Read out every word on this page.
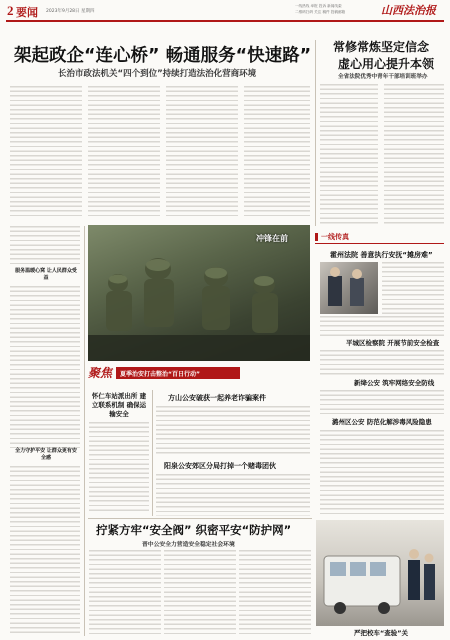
2 要闻 2023年9月28日 星期四
一线热线 举报 投诉 新闻线索
二维码扫码 关注 稿件 投稿邮箱	山西法治报
架起政企“连心桥” 畅通服务“快速路”
长治市政法机关“四个到位”持续打造法治化营商环境
常修常炼坚定信念
虚心用心提升本领
全省法院优秀中青年干部培训班举办
服务温暖心窝 让人民群众受益
全力守护平安 让群众更有安全感
冲锋在前	一线传真
霍州法院 善意执行安抚“摊房难”
平城区检察院 开展节前安全检查
新绛公安 筑牢网络安全防线
潞州区公安 防范化解涉毒风险隐患
严把校车“查验”关
聚焦 夏季治安打击整治“百日行动”
怀仁车站派出所 建立联系机制 确保运输安全
方山公安破获一起养老诈骗案件
阳泉公安郊区分局打掉一个赌毒团伙
拧紧方牢“安全阀” 织密平安“防护网”
晋中公安全力营造安全稳定社会环境
